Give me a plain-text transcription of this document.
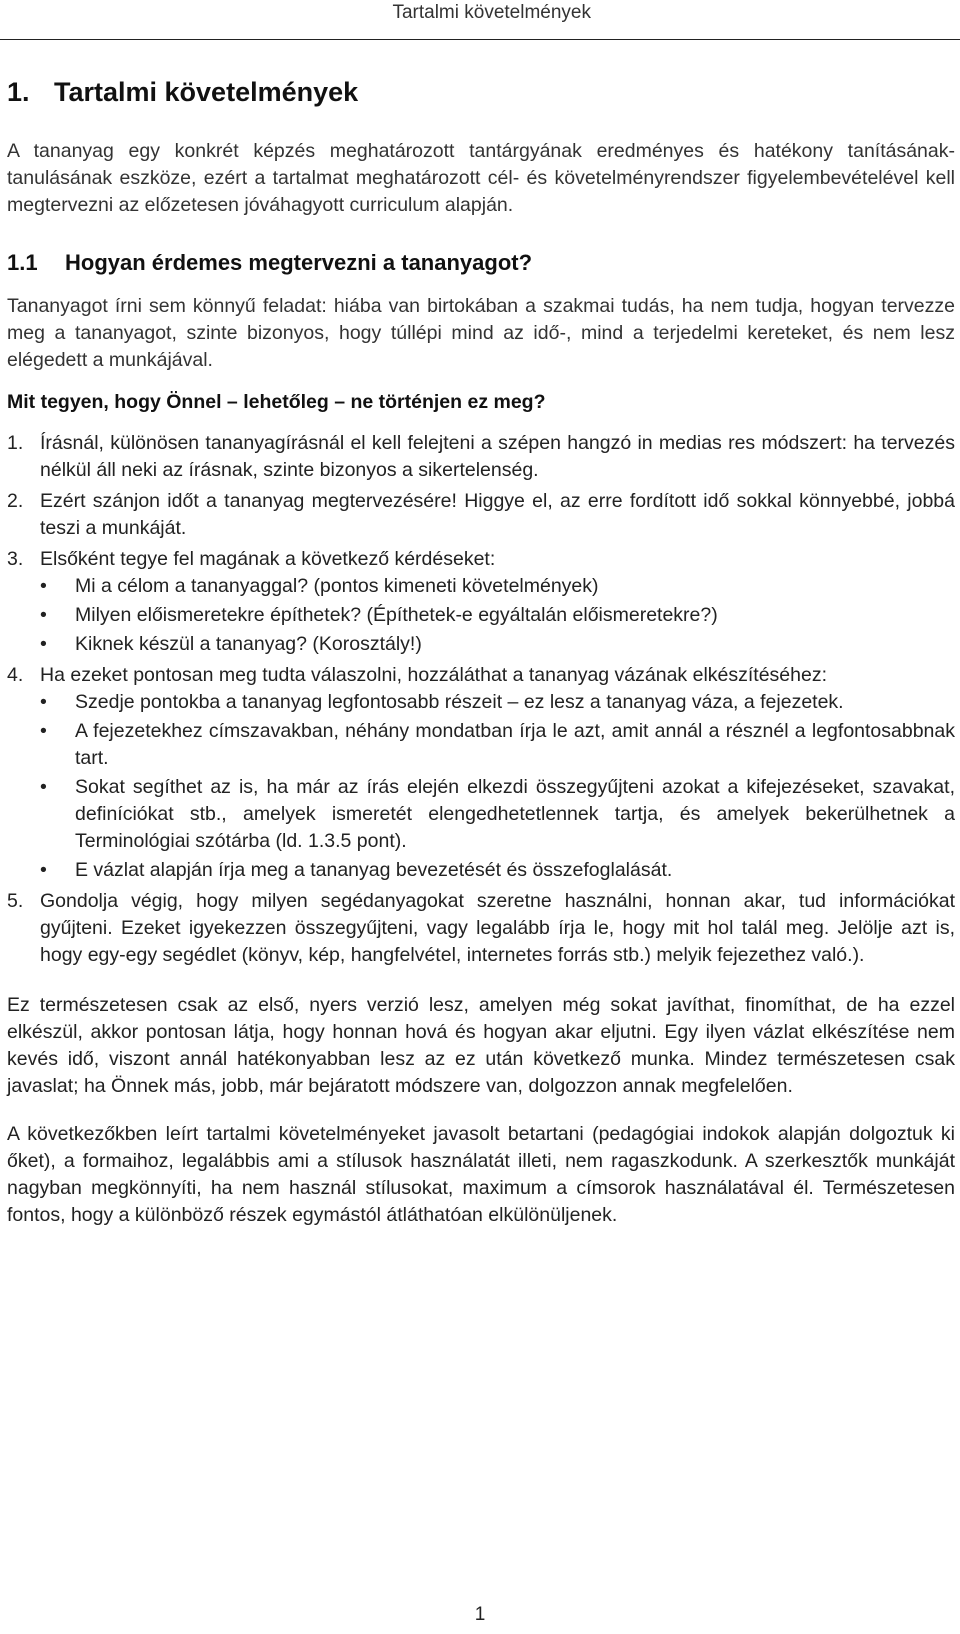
Tartalmi követelmények
1. Tartalmi követelmények

A tananyag egy konkrét képzés meghatározott tantárgyának eredményes és hatékony tanításának-tanulásának eszköze, ezért a tartalmat meghatározott cél- és követelményrendszer figyelembevételével kell megtervezni az előzetesen jóváhagyott curriculum alapján.

1.1 Hogyan érdemes megtervezni a tananyagot?

Tananyagot írni sem könnyű feladat: hiába van birtokában a szakmai tudás, ha nem tudja, hogyan tervezze meg a tananyagot, szinte bizonyos, hogy túllépi mind az idő-, mind a terjedelmi kereteket, és nem lesz elégedett a munkájával.

Mit tegyen, hogy Önnel – lehetőleg – ne történjen ez meg?
1. Írásnál, különösen tananyagírásnál el kell felejteni a szépen hangzó in medias res módszert: ha tervezés nélkül áll neki az írásnak, szinte bizonyos a sikertelenség.
2. Ezért szánjon időt a tananyag megtervezésére! Higgye el, az erre fordított idő sokkal könnyebbé, jobbá teszi a munkáját.
3. Elsőként tegye fel magának a következő kérdéseket:
•	Mi a célom a tananyaggal? (pontos kimeneti követelmények)
•	Milyen előismeretekre építhetek? (Építhetek-e egyáltalán előismeretekre?)
•	Kiknek készül a tananyag? (Korosztály!)
4. Ha ezeket pontosan meg tudta válaszolni, hozzáláthat a tananyag vázának elkészítéséhez:
•	Szedje pontokba a tananyag legfontosabb részeit – ez lesz a tananyag váza, a fejezetek.
•	A fejezetekhez címszavakban, néhány mondatban írja le azt, amit annál a résznél a legfontosabbnak tart.
•	Sokat segíthet az is, ha már az írás elején elkezdi összegyűjteni azokat a kifejezéseket, szavakat, definíciókat stb., amelyek ismeretét elengedhetetlennek tartja, és amelyek bekerülhetnek a Terminológiai szótárba (ld. 1.3.5 pont).
•	E vázlat alapján írja meg a tananyag bevezetését és összefoglalását.
5. Gondolja végig, hogy milyen segédanyagokat szeretne használni, honnan akar, tud információkat gyűjteni. Ezeket igyekezzen összegyűjteni, vagy legalább írja le, hogy mit hol talál meg. Jelölje azt is, hogy egy-egy segédlet (könyv, kép, hangfelvétel, internetes forrás stb.) melyik fejezethez való.).

Ez természetesen csak az első, nyers verzió lesz, amelyen még sokat javíthat, finomíthat, de ha ezzel elkészül, akkor pontosan látja, hogy honnan hová és hogyan akar eljutni. Egy ilyen vázlat elkészítése nem kevés idő, viszont annál hatékonyabban lesz az ez után következő munka. Mindez természetesen csak javaslat; ha Önnek más, jobb, már bejáratott módszere van, dolgozzon annak megfelelően.

A következőkben leírt tartalmi követelményeket javasolt betartani (pedagógiai indokok alapján dolgoztuk ki őket), a formaihoz, legalábbis ami a stílusok használatát illeti, nem ragaszkodunk. A szerkesztők munkáját nagyban megkönnyíti, ha nem használ stílusokat, maximum a címsorok használatával él. Természetesen fontos, hogy a különböző részek egymástól átláthatóan elkülönüljenek.

1
